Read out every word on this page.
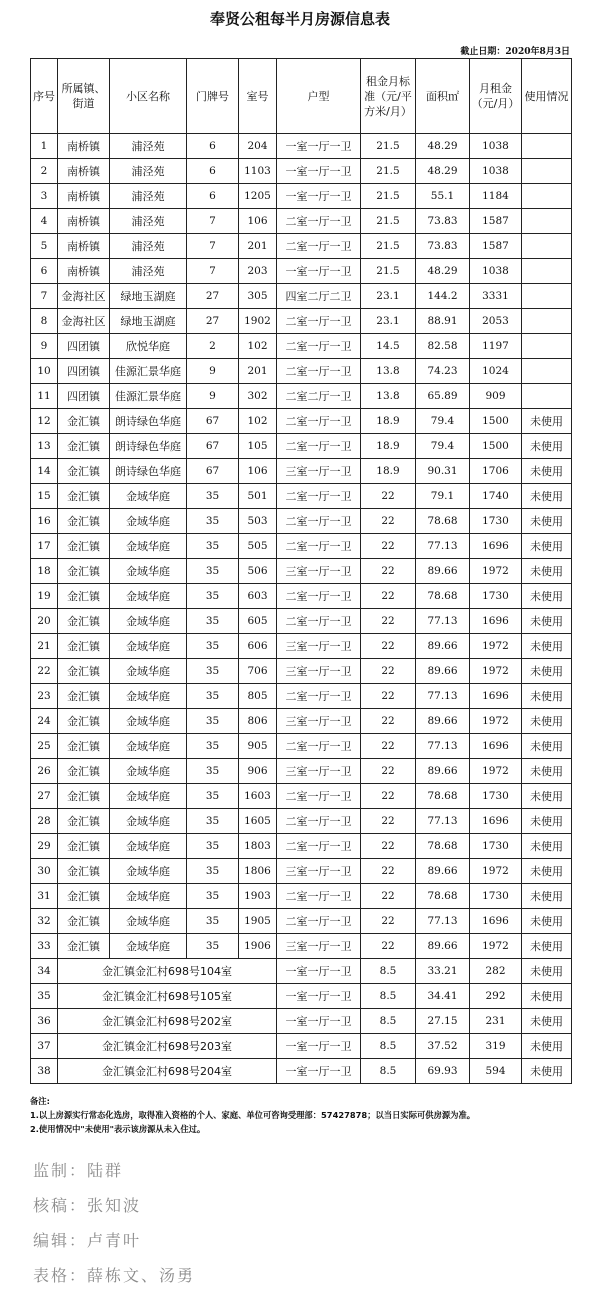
奉贤公租每半月房源信息表
截止日期：2020年8月3日
序号	所属镇、街道	小区名称	门牌号	室号	户型	租金月标准（元/平方米/月）	面积㎡	月租金（元/月）	使用情况
1	南桥镇	浦泾苑	6	204	一室一厅一卫	21.5	48.29	1038	
2	南桥镇	浦泾苑	6	1103	一室一厅一卫	21.5	48.29	1038	
3	南桥镇	浦泾苑	6	1205	一室一厅一卫	21.5	55.1	1184	
4	南桥镇	浦泾苑	7	106	二室一厅一卫	21.5	73.83	1587	
5	南桥镇	浦泾苑	7	201	二室一厅一卫	21.5	73.83	1587	
6	南桥镇	浦泾苑	7	203	一室一厅一卫	21.5	48.29	1038	
7	金海社区	绿地玉湖庭	27	305	四室二厅二卫	23.1	144.2	3331	
8	金海社区	绿地玉湖庭	27	1902	二室一厅一卫	23.1	88.91	2053	
9	四团镇	欣悦华庭	2	102	二室一厅一卫	14.5	82.58	1197	
10	四团镇	佳源汇景华庭	9	201	二室一厅一卫	13.8	74.23	1024	
11	四团镇	佳源汇景华庭	9	302	二室二厅一卫	13.8	65.89	909	
12	金汇镇	朗诗绿色华庭	67	102	二室一厅一卫	18.9	79.4	1500	未使用
13	金汇镇	朗诗绿色华庭	67	105	二室一厅一卫	18.9	79.4	1500	未使用
14	金汇镇	朗诗绿色华庭	67	106	三室一厅一卫	18.9	90.31	1706	未使用
15	金汇镇	金域华庭	35	501	二室一厅一卫	22	79.1	1740	未使用
16	金汇镇	金域华庭	35	503	二室一厅一卫	22	78.68	1730	未使用
17	金汇镇	金域华庭	35	505	二室一厅一卫	22	77.13	1696	未使用
18	金汇镇	金域华庭	35	506	三室一厅一卫	22	89.66	1972	未使用
19	金汇镇	金域华庭	35	603	二室一厅一卫	22	78.68	1730	未使用
20	金汇镇	金域华庭	35	605	二室一厅一卫	22	77.13	1696	未使用
21	金汇镇	金域华庭	35	606	三室一厅一卫	22	89.66	1972	未使用
22	金汇镇	金域华庭	35	706	三室一厅一卫	22	89.66	1972	未使用
23	金汇镇	金域华庭	35	805	二室一厅一卫	22	77.13	1696	未使用
24	金汇镇	金域华庭	35	806	三室一厅一卫	22	89.66	1972	未使用
25	金汇镇	金域华庭	35	905	二室一厅一卫	22	77.13	1696	未使用
26	金汇镇	金域华庭	35	906	三室一厅一卫	22	89.66	1972	未使用
27	金汇镇	金域华庭	35	1603	二室一厅一卫	22	78.68	1730	未使用
28	金汇镇	金域华庭	35	1605	二室一厅一卫	22	77.13	1696	未使用
29	金汇镇	金域华庭	35	1803	二室一厅一卫	22	78.68	1730	未使用
30	金汇镇	金域华庭	35	1806	三室一厅一卫	22	89.66	1972	未使用
31	金汇镇	金域华庭	35	1903	二室一厅一卫	22	78.68	1730	未使用
32	金汇镇	金域华庭	35	1905	二室一厅一卫	22	77.13	1696	未使用
33	金汇镇	金域华庭	35	1906	三室一厅一卫	22	89.66	1972	未使用
34	金汇镇金汇村698号104室				一室一厅一卫	8.5	33.21	282	未使用
35	金汇镇金汇村698号105室				一室一厅一卫	8.5	34.41	292	未使用
36	金汇镇金汇村698号202室				一室一厅一卫	8.5	27.15	231	未使用
37	金汇镇金汇村698号203室				一室一厅一卫	8.5	37.52	319	未使用
38	金汇镇金汇村698号204室				一室一厅一卫	8.5	69.93	594	未使用
备注:
1.以上房源实行常态化选房，取得准入资格的个人、家庭、单位可咨询受理部：57427878；以当日实际可供房源为准。
2.使用情况中"未使用"表示该房源从未入住过。
监制：陆群
核稿：张知波
编辑：卢青叶
表格：薛栋文、汤勇
